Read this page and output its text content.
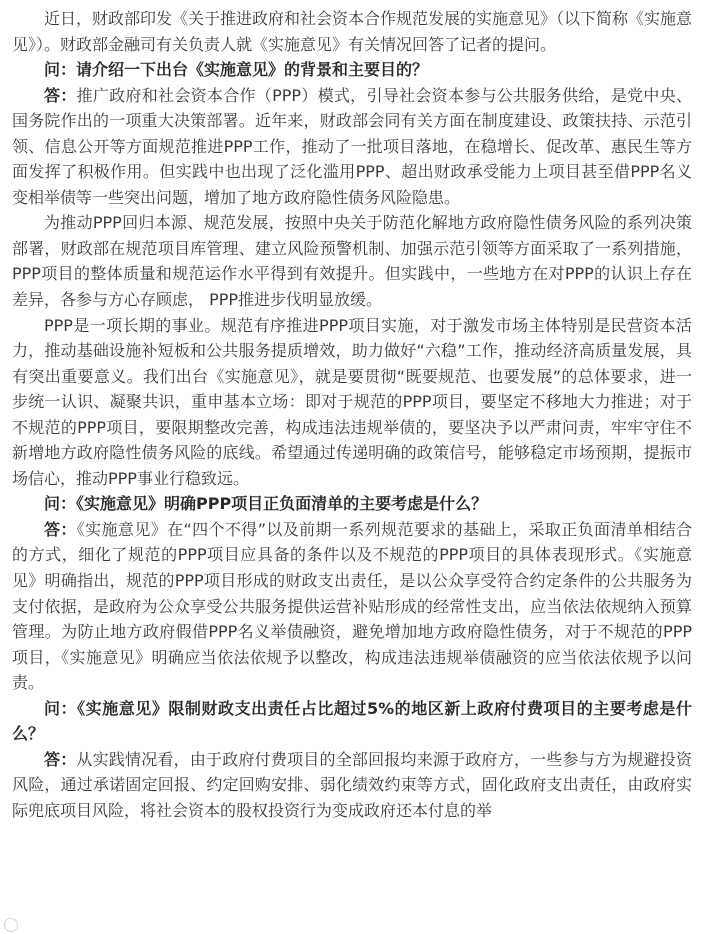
近日，财政部印发《关于推进政府和社会资本合作规范发展的实施意见》（以下简称《实施意见》）。财政部金融司有关负责人就《实施意见》有关情况回答了记者的提问。

问：请介绍一下出台《实施意见》的背景和主要目的？

答：推广政府和社会资本合作（PPP）模式，引导社会资本参与公共服务供给，是党中央、国务院作出的一项重大决策部署。近年来，财政部会同有关方面在制度建设、政策扶持、示范引领、信息公开等方面规范推进PPP工作，推动了一批项目落地，在稳增长、促改革、惠民生等方面发挥了积极作用。但实践中也出现了泛化滥用PPP、超出财政承受能力上项目甚至借PPP名义变相举债等一些突出问题，增加了地方政府隐性债务风险隐患。

为推动PPP回归本源、规范发展，按照中央关于防范化解地方政府隐性债务风险的系列决策部署，财政部在规范项目库管理、建立风险预警机制、加强示范引领等方面采取了一系列措施，PPP项目的整体质量和规范运作水平得到有效提升。但实践中，一些地方在对PPP的认识上存在差异，各参与方心存顾虑， PPP推进步伐明显放缓。

PPP是一项长期的事业。规范有序推进PPP项目实施，对于激发市场主体特别是民营资本活力，推动基础设施补短板和公共服务提质增效，助力做好“六稳”工作，推动经济高质量发展，具有突出重要意义。我们出台《实施意见》，就是要贯彻“既要规范、也要发展”的总体要求，进一步统一认识、凝聚共识，重申基本立场：即对于规范的PPP项目，要坚定不移地大力推进；对于不规范的PPP项目，要限期整改完善，构成违法违规举债的，要坚决予以严肃问责，牢牢守住不新增地方政府隐性债务风险的底线。希望通过传递明确的政策信号，能够稳定市场预期，提振市场信心，推动PPP事业行稳致远。

问：《实施意见》明确PPP项目正负面清单的主要考虑是什么？

答：《实施意见》在“四个不得”以及前期一系列规范要求的基础上，采取正负面清单相结合的方式，细化了规范的PPP项目应具备的条件以及不规范的PPP项目的具体表现形式。《实施意见》明确指出，规范的PPP项目形成的财政支出责任，是以公众享受符合约定条件的公共服务为支付依据，是政府为公众享受公共服务提供运营补贴形成的经常性支出，应当依法依规纳入预算管理。为防止地方政府假借PPP名义举债融资，避免增加地方政府隐性债务，对于不规范的PPP项目，《实施意见》明确应当依法依规予以整改，构成违法违规举债融资的应当依法依规予以问责。

问：《实施意见》限制财政支出责任占比超过5%的地区新上政府付费项目的主要考虑是什么？

答：从实践情况看，由于政府付费项目的全部回报均来源于政府方，一些参与方为规避投资风险，通过承诺固定回报、约定回购安排、弱化绩效约束等方式，固化政府支出责任，由政府实际兜底项目风险，将社会资本的股权投资行为变成政府还本付息的举
